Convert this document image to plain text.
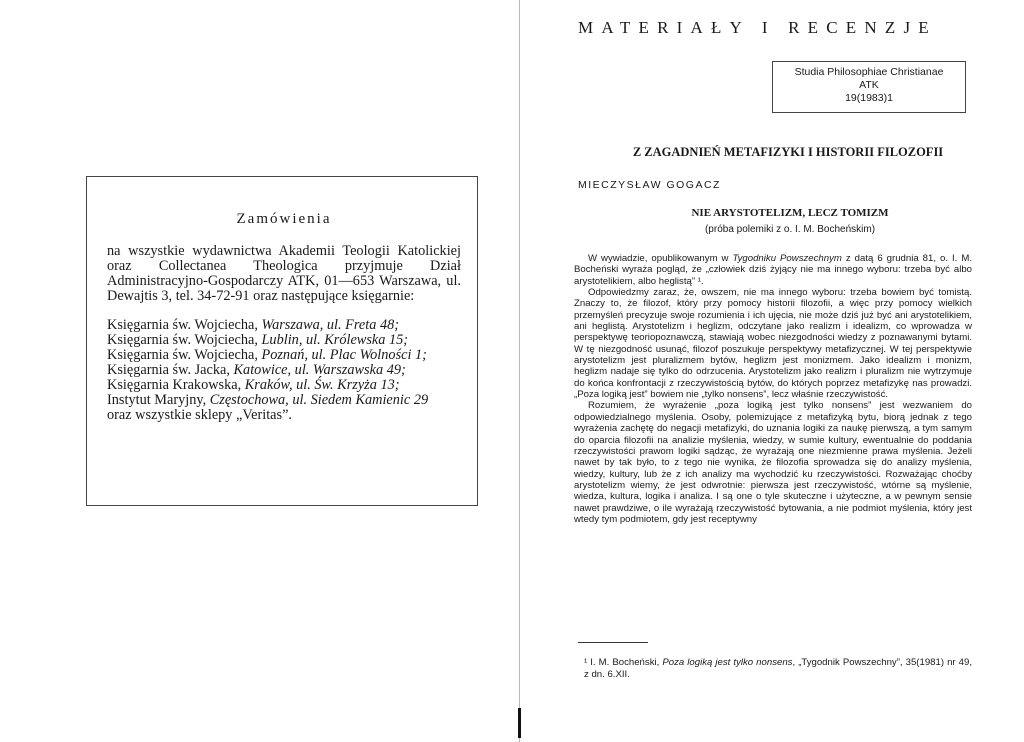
Zamówienia

na wszystkie wydawnictwa Akademii Teologii Katolickiej oraz Collectanea Theologica przyjmuje Dział Administracyjno-Gospodarczy ATK, 01—653 Warszawa, ul. Dewajtis 3, tel. 34-72-91 oraz następujące księgarnie:

Księgarnia św. Wojciecha, Warszawa, ul. Freta 48;
Księgarnia św. Wojciecha, Lublin, ul. Królewska 15;
Księgarnia św. Wojciecha, Poznań, ul. Plac Wolności 1;
Księgarnia św. Jacka, Katowice, ul. Warszawska 49;
Księgarnia Krakowska, Kraków, ul. Św. Krzyża 13;
Instytut Maryjny, Częstochowa, ul. Siedem Kamienic 29

oraz wszystkie sklepy „Veritas”.

MATERIAŁY I RECENZJE
Studia Philosophiae Christianae
ATK
19(1983)1
Z ZAGADNIEŃ METAFIZYKI I HISTORII FILOZOFII
MIECZYSŁAW GOGACZ
NIE ARYSTOTELIZM, LECZ TOMIZM
(próba polemiki z o. I. M. Bocheńskim)

W wywiadzie, opublikowanym w Tygodniku Powszechnym z datą 6 grudnia 81, o. I. M. Bocheński wyraża pogląd, że „człowiek dziś żyjący nie ma innego wyboru: trzeba być albo arystotelikiem, albo heglistą” ¹.

Odpowiedzmy zaraz, że, owszem, nie ma innego wyboru: trzeba bowiem być tomistą. Znaczy to, że filozof, który przy pomocy historii filozofii, a więc przy pomocy wielkich przemyśleń precyzuje swoje rozumienia i ich ujęcia, nie może dziś już być ani arystotelikiem, ani heglistą. Arystotelizm i heglizm, odczytane jako realizm i idealizm, co wprowadza w perspektywę teoriopoznawczą, stawiają wobec niezgodności wiedzy z poznawanymi bytami. W tę niezgodność usunąć, filozof poszukuje perspektywy metafizycznej. W tej perspektywie arystotelizm jest pluralizmem bytów, heglizm jest monizmem. Jako idealizm i monizm, heglizm nadaje się tylko do odrzucenia. Arystotelizm jako realizm i pluralizm nie wytrzymuje do końca konfrontacji z rzeczywistością bytów, do których poprzez metafizykę nas prowadzi. „Poza logiką jest” bowiem nie „tylko nonsens”, lecz właśnie rzeczywistość.

Rozumiem, że wyrażenie „poza logiką jest tylko nonsens” jest wezwaniem do odpowiedzialnego myślenia. Osoby, polemizujące z metafizyką bytu, biorą jednak z tego wyrażenia zachętę do negacji metafizyki, do uznania logiki za naukę pierwszą, a tym samym do oparcia filozofii na analizie myślenia, wiedzy, w sumie kultury, ewentualnie do poddania rzeczywistości prawom logiki sądząc, że wyrażają one niezmienne prawa myślenia. Jeżeli nawet by tak było, to z tego nie wynika, że filozofia sprowadza się do analizy myślenia, wiedzy, kultury, lub że z ich analizy ma wychodzić ku rzeczywistości. Rozważając choćby arystotelizm wiemy, że jest odwrotnie: pierwsza jest rzeczywistość, wtórne są myślenie, wiedza, kultura, logika i analiza. I są one o tyle skuteczne i użyteczne, a w pewnym sensie nawet prawdziwe, o ile wyrażają rzeczywistość bytowania, a nie podmiot myślenia, który jest wtedy tym podmiotem, gdy jest receptywny

¹ I. M. Bocheński, Poza logiką jest tylko nonsens, „Tygodnik Powszechny”, 35(1981) nr 49, z dn. 6.XII.
